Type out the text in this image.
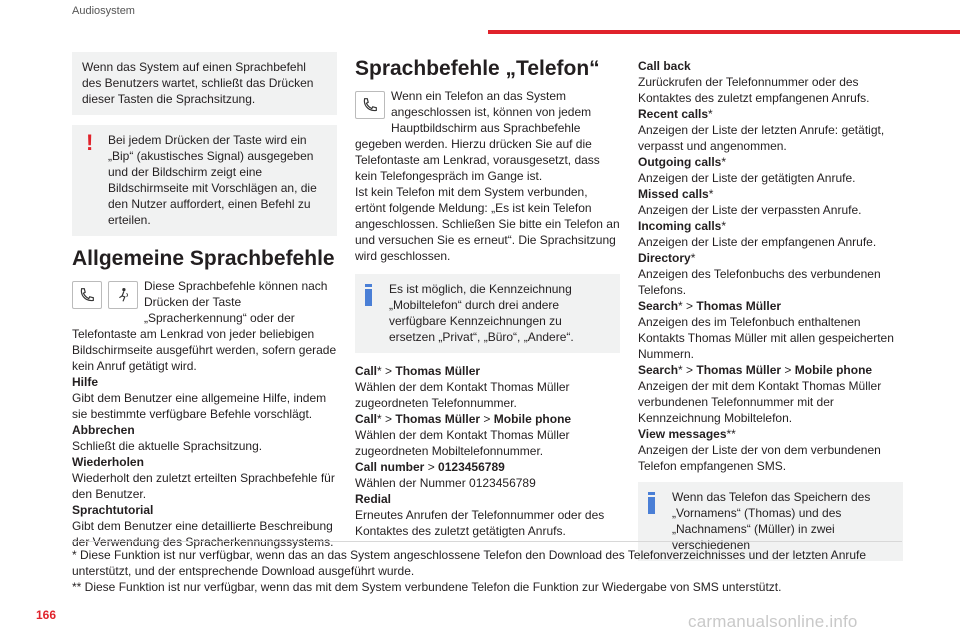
Audiosystem

Wenn das System auf einen Sprachbefehl des Benutzers wartet, schließt das Drücken dieser Tasten die Sprachsitzung.

! Bei jedem Drücken der Taste wird ein „Bip“ (akustisches Signal) ausgegeben und der Bildschirm zeigt eine Bildschirmseite mit Vorschlägen an, die den Nutzer auffordert, einen Befehl zu erteilen.

Allgemeine Sprachbefehle
Diese Sprachbefehle können nach Drücken der Taste „Spracherkennung“ oder der Telefontaste am Lenkrad von jeder beliebigen Bildschirmseite ausgeführt werden, sofern gerade kein Anruf getätigt wird.
Hilfe
Gibt dem Benutzer eine allgemeine Hilfe, indem sie bestimmte verfügbare Befehle vorschlägt.
Abbrechen
Schließt die aktuelle Sprachsitzung.
Wiederholen
Wiederholt den zuletzt erteilten Sprachbefehle für den Benutzer.
Sprachtutorial
Gibt dem Benutzer eine detaillierte Beschreibung der Verwendung des Spracherkennungssystems.
Sprachbefehle „Telefon“
Wenn ein Telefon an das System angeschlossen ist, können von jedem Hauptbildschirm aus Sprachbefehle gegeben werden. Hierzu drücken Sie auf die Telefontaste am Lenkrad, vorausgesetzt, dass kein Telefongespräch im Gange ist.
Ist kein Telefon mit dem System verbunden, ertönt folgende Meldung: „Es ist kein Telefon angeschlossen. Schließen Sie bitte ein Telefon an und versuchen Sie es erneut“. Die Sprachsitzung wird geschlossen.

Es ist möglich, die Kennzeichnung „Mobiltelefon“ durch drei andere verfügbare Kennzeichnungen zu ersetzen „Privat“, „Büro“, „Andere“.

Call* > Thomas Müller
Wählen der dem Kontakt Thomas Müller zugeordneten Telefonnummer.
Call* > Thomas Müller > Mobile phone
Wählen der dem Kontakt Thomas Müller zugeordneten Mobiltelefonnummer.
Call number > 0123456789
Wählen der Nummer 0123456789
Redial
Erneutes Anrufen der Telefonnummer oder des Kontaktes des zuletzt getätigten Anrufs.
Call back
Zurückrufen der Telefonnummer oder des Kontaktes des zuletzt empfangenen Anrufs.
Recent calls*
Anzeigen der Liste der letzten Anrufe: getätigt, verpasst und angenommen.
Outgoing calls*
Anzeigen der Liste der getätigten Anrufe.
Missed calls*
Anzeigen der Liste der verpassten Anrufe.
Incoming calls*
Anzeigen der Liste der empfangenen Anrufe.
Directory*
Anzeigen des Telefonbuchs des verbundenen Telefons.
Search* > Thomas Müller
Anzeigen des im Telefonbuch enthaltenen Kontakts Thomas Müller mit allen gespeicherten Nummern.
Search* > Thomas Müller > Mobile phone
Anzeigen der mit dem Kontakt Thomas Müller verbundenen Telefonnummer mit der Kennzeichnung Mobiltelefon.
View messages**
Anzeigen der Liste der von dem verbundenen Telefon empfangenen SMS.

Wenn das Telefon das Speichern des „Vornamens“ (Thomas) und des „Nachnamens“ (Müller) in zwei verschiedenen

* Diese Funktion ist nur verfügbar, wenn das an das System angeschlossene Telefon den Download des Telefonverzeichnisses und der letzten Anrufe unterstützt, und der entsprechende Download ausgeführt wurde.
** Diese Funktion ist nur verfügbar, wenn das mit dem System verbundene Telefon die Funktion zur Wiedergabe von SMS unterstützt.
166	carmanualsonline.info
